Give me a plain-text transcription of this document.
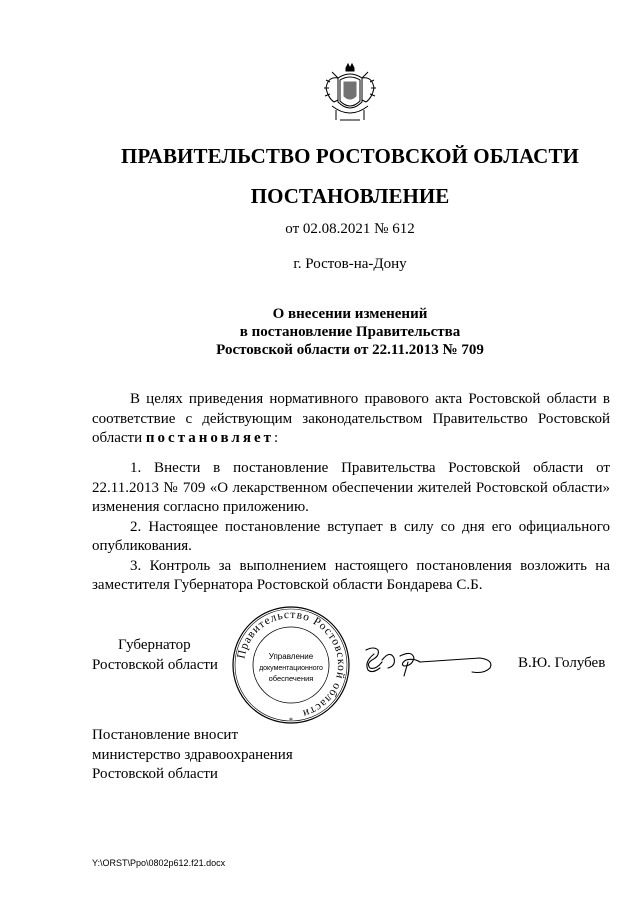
ПРАВИТЕЛЬСТВО РОСТОВСКОЙ ОБЛАСТИ
ПОСТАНОВЛЕНИЕ
от 02.08.2021 № 612
г. Ростов-на-Дону
О внесении изменений
в постановление Правительства
Ростовской области от 22.11.2013 № 709

В целях приведения нормативного правового акта Ростовской области в соответствие с действующим законодательством Правительство Ростовской области постановляет:

1. Внести в постановление Правительства Ростовской области от 22.11.2013 № 709 «О лекарственном обеспечении жителей Ростовской области» изменения согласно приложению.

2. Настоящее постановление вступает в силу со дня его официального опубликования.

3. Контроль за выполнением настоящего постановления возложить на заместителя Губернатора Ростовской области Бондарева С.Б.

Губернатор
Ростовской области
Правительство Ростовской области
Управление
документационного
обеспечения
*
В.Ю. Голубев
Постановление вносит
министерство здравоохранения
Ростовской области
Y:\ORST\Ppo\0802p612.f21.docx
